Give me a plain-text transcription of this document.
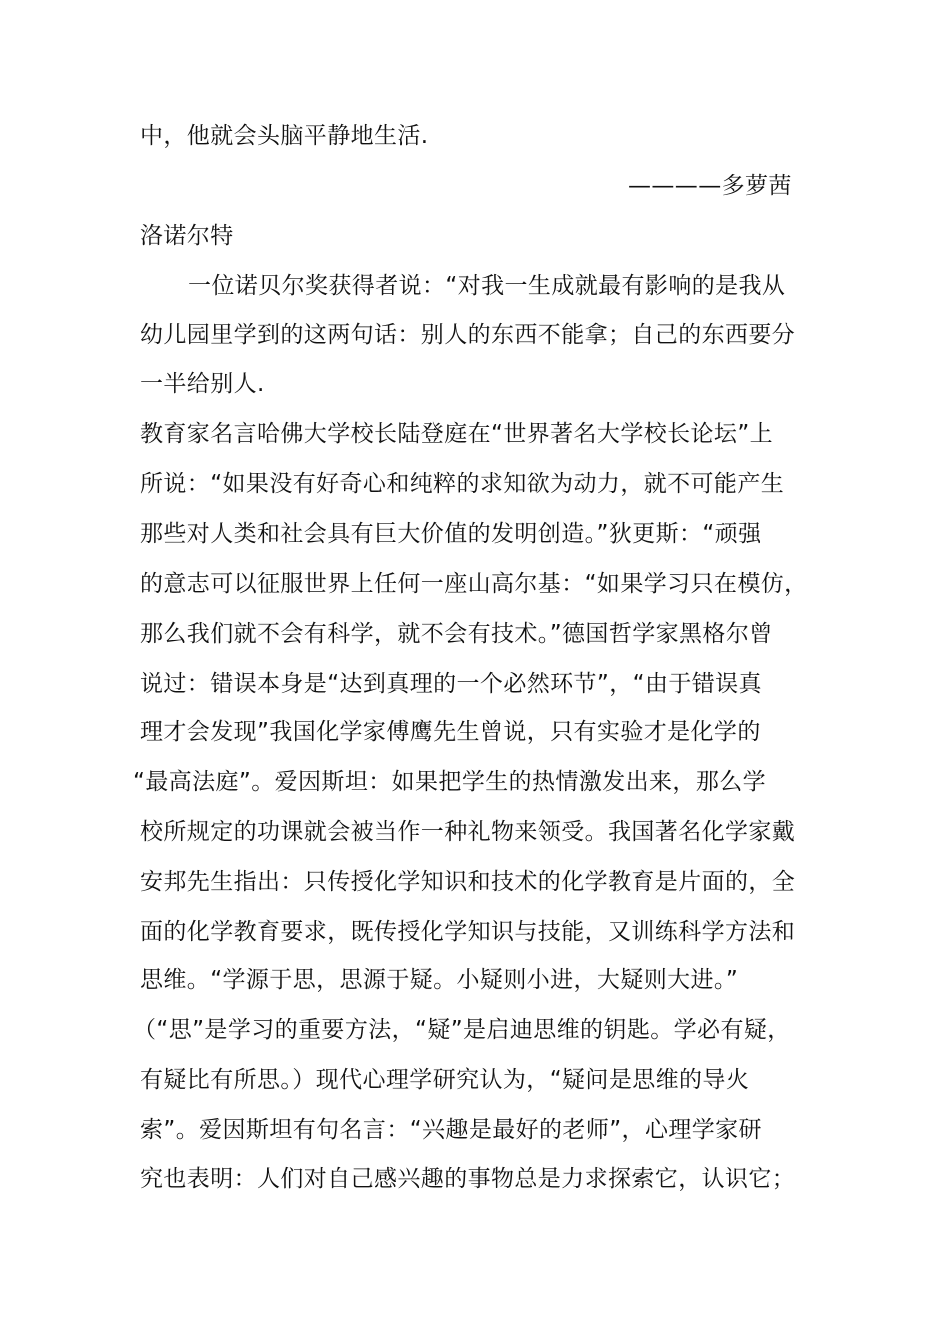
中，他就会头脑平静地生活.
————多萝茜
洛诺尔特
一位诺贝尔奖获得者说：“对我一生成就最有影响的是我从
幼儿园里学到的这两句话：别人的东西不能拿；自己的东西要分
一半给别人.
教育家名言哈佛大学校长陆登庭在“世界著名大学校长论坛”上
所说：“如果没有好奇心和纯粹的求知欲为动力，就不可能产生
那些对人类和社会具有巨大价值的发明创造。”狄更斯：“顽强
的意志可以征服世界上任何一座山高尔基：“如果学习只在模仿，
那么我们就不会有科学，就不会有技术。”德国哲学家黑格尔曾
说过：错误本身是“达到真理的一个必然环节”，“由于错误真
理才会发现”我国化学家傅鹰先生曾说，只有实验才是化学的
“最高法庭”。爱因斯坦：如果把学生的热情激发出来，那么学
校所规定的功课就会被当作一种礼物来领受。我国著名化学家戴
安邦先生指出：只传授化学知识和技术的化学教育是片面的，全
面的化学教育要求，既传授化学知识与技能，又训练科学方法和
思维。“学源于思，思源于疑。小疑则小进，大疑则大进。”
（“思”是学习的重要方法，“疑”是启迪思维的钥匙。学必有疑，
有疑比有所思。）现代心理学研究认为，“疑问是思维的导火
索”。爱因斯坦有句名言：“兴趣是最好的老师”，心理学家研
究也表明：人们对自己感兴趣的事物总是力求探索它，认识它；
